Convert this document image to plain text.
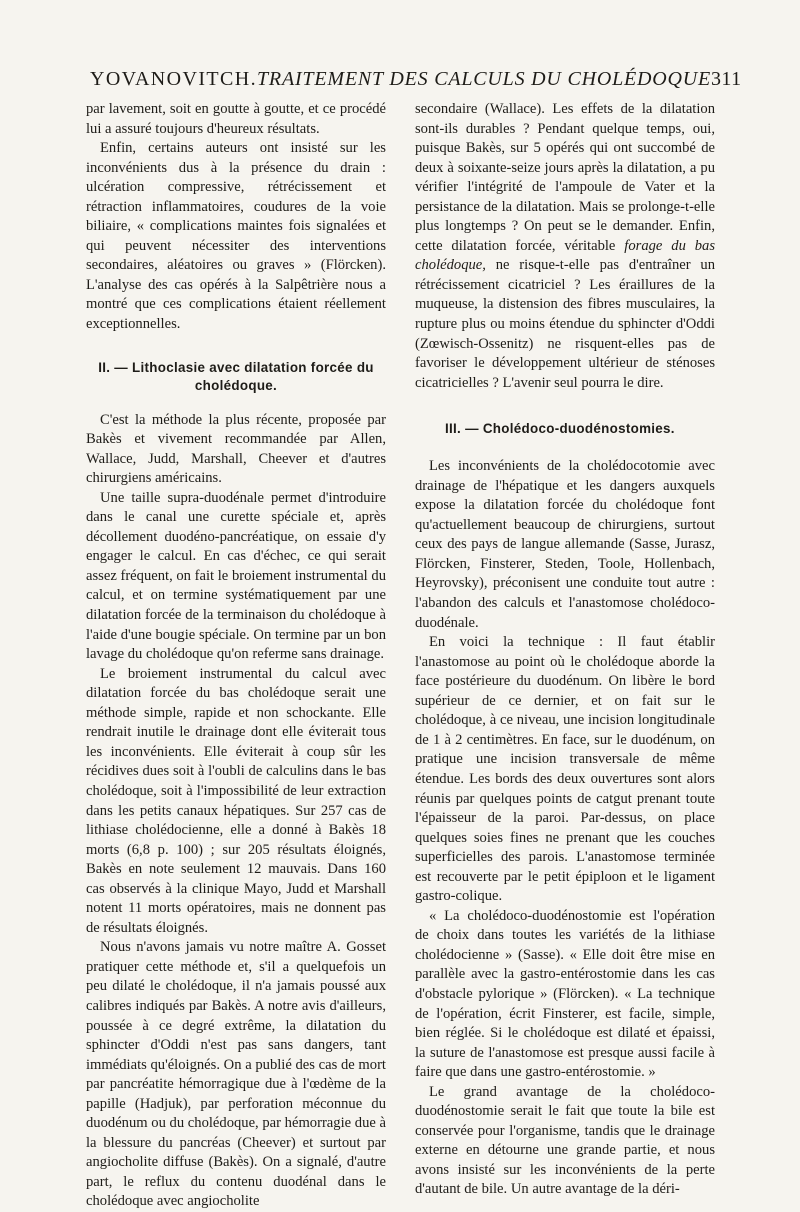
YOVANOVITCH. TRAITEMENT DES CALCULS DU CHOLÉDOQUE 311

par lavement, soit en goutte à goutte, et ce procédé lui a assuré toujours d'heureux résultats.

Enfin, certains auteurs ont insisté sur les inconvénients dus à la présence du drain : ulcération compressive, rétrécissement et rétraction inflammatoires, coudures de la voie biliaire, « complications maintes fois signalées et qui peuvent nécessiter des interventions secondaires, aléatoires ou graves » (Flörcken). L'analyse des cas opérés à la Salpêtrière nous a montré que ces complications étaient réellement exceptionnelles.

II. — Lithoclasie avec dilatation forcée du cholédoque.

C'est la méthode la plus récente, proposée par Bakès et vivement recommandée par Allen, Wallace, Judd, Marshall, Cheever et d'autres chirurgiens américains.

Une taille supra-duodénale permet d'introduire dans le canal une curette spéciale et, après décollement duodéno-pancréatique, on essaie d'y engager le calcul. En cas d'échec, ce qui serait assez fréquent, on fait le broiement instrumental du calcul, et on termine systématiquement par une dilatation forcée de la terminaison du cholédoque à l'aide d'une bougie spéciale. On termine par un bon lavage du cholédoque qu'on referme sans drainage.

Le broiement instrumental du calcul avec dilatation forcée du bas cholédoque serait une méthode simple, rapide et non schockante. Elle rendrait inutile le drainage dont elle éviterait tous les inconvénients. Elle éviterait à coup sûr les récidives dues soit à l'oubli de calculins dans le bas cholédoque, soit à l'impossibilité de leur extraction dans les petits canaux hépatiques. Sur 257 cas de lithiase cholédocienne, elle a donné à Bakès 18 morts (6,8 p. 100) ; sur 205 résultats éloignés, Bakès en note seulement 12 mauvais. Dans 160 cas observés à la clinique Mayo, Judd et Marshall notent 11 morts opératoires, mais ne donnent pas de résultats éloignés.

Nous n'avons jamais vu notre maître A. Gosset pratiquer cette méthode et, s'il a quelquefois un peu dilaté le cholédoque, il n'a jamais poussé aux calibres indiqués par Bakès. A notre avis d'ailleurs, poussée à ce degré extrême, la dilatation du sphincter d'Oddi n'est pas sans dangers, tant immédiats qu'éloignés. On a publié des cas de mort par pancréatite hémorragique due à l'œdème de la papille (Hadjuk), par perforation méconnue du duodénum ou du cholédoque, par hémorragie due à la blessure du pancréas (Cheever) et surtout par angiocholite diffuse (Bakès). On a signalé, d'autre part, le reflux du contenu duodénal dans le cholédoque avec angiocholite

secondaire (Wallace). Les effets de la dilatation sont-ils durables ? Pendant quelque temps, oui, puisque Bakès, sur 5 opérés qui ont succombé de deux à soixante-seize jours après la dilatation, a pu vérifier l'intégrité de l'ampoule de Vater et la persistance de la dilatation. Mais se prolonge-t-elle plus longtemps ? On peut se le demander. Enfin, cette dilatation forcée, véritable forage du bas cholédoque, ne risque-t-elle pas d'entraîner un rétrécissement cicatriciel ? Les éraillures de la muqueuse, la distension des fibres musculaires, la rupture plus ou moins étendue du sphincter d'Oddi (Zœwisch-Ossenitz) ne risquent-elles pas de favoriser le développement ultérieur de sténoses cicatricielles ? L'avenir seul pourra le dire.

III. — Cholédoco-duodénostomies.

Les inconvénients de la cholédocotomie avec drainage de l'hépatique et les dangers auxquels expose la dilatation forcée du cholédoque font qu'actuellement beaucoup de chirurgiens, surtout ceux des pays de langue allemande (Sasse, Jurasz, Flörcken, Finsterer, Steden, Toole, Hollenbach, Heyrovsky), préconisent une conduite tout autre : l'abandon des calculs et l'anastomose cholédoco-duodénale.

En voici la technique : Il faut établir l'anastomose au point où le cholédoque aborde la face postérieure du duodénum. On libère le bord supérieur de ce dernier, et on fait sur le cholédoque, à ce niveau, une incision longitudinale de 1 à 2 centimètres. En face, sur le duodénum, on pratique une incision transversale de même étendue. Les bords des deux ouvertures sont alors réunis par quelques points de catgut prenant toute l'épaisseur de la paroi. Par-dessus, on place quelques soies fines ne prenant que les couches superficielles des parois. L'anastomose terminée est recouverte par le petit épiploon et le ligament gastro-colique.

« La cholédoco-duodénostomie est l'opération de choix dans toutes les variétés de la lithiase cholédocienne » (Sasse). « Elle doit être mise en parallèle avec la gastro-entérostomie dans les cas d'obstacle pylorique » (Flörcken). « La technique de l'opération, écrit Finsterer, est facile, simple, bien réglée. Si le cholédoque est dilaté et épaissi, la suture de l'anastomose est presque aussi facile à faire que dans une gastro-entérostomie. »

Le grand avantage de la cholédoco-duodénostomie serait le fait que toute la bile est conservée pour l'organisme, tandis que le drainage externe en détourne une grande partie, et nous avons insisté sur les inconvénients de la perte d'autant de bile. Un autre avantage de la déri-
